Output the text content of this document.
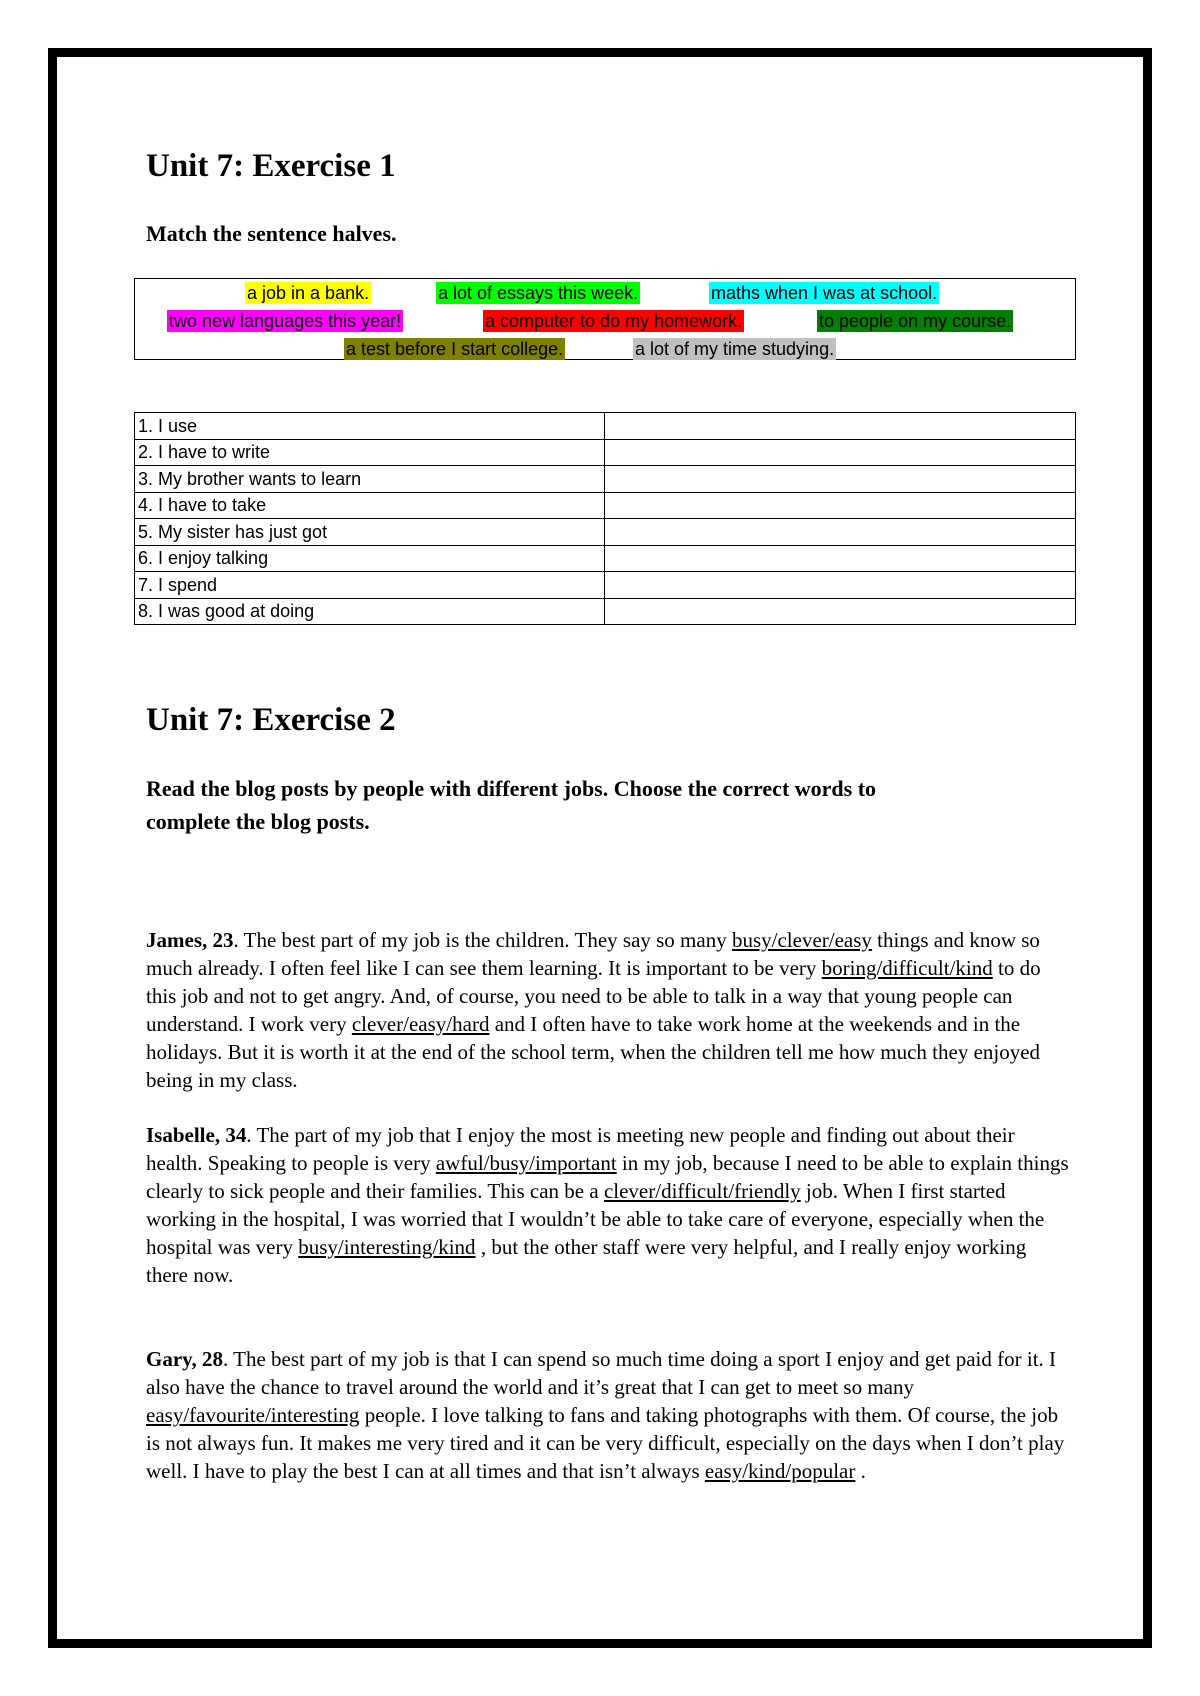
Unit 7: Exercise 1

Match the sentence halves.

a job in a bank.	a lot of essays this week.	maths when I was at school.
two new languages this year!	a computer to do my homework.	to people on my course.
a test before I start college.	a lot of my time studying.
1. I use	
2. I have to write	
3. My brother wants to learn	
4. I have to take	
5. My sister has just got	
6. I enjoy talking	
7. I spend	
8. I was good at doing	
Unit 7: Exercise 2

Read the blog posts by people with different jobs. Choose the correct words to
complete the blog posts.

James, 23. The best part of my job is the children. They say so many busy/clever/easy things and know so much already. I often feel like I can see them learning. It is important to be very boring/difficult/kind to do this job and not to get angry. And, of course, you need to be able to talk in a way that young people can understand. I work very clever/easy/hard and I often have to take work home at the weekends and in the holidays. But it is worth it at the end of the school term, when the children tell me how much they enjoyed being in my class.

Isabelle, 34. The part of my job that I enjoy the most is meeting new people and finding out about their health. Speaking to people is very awful/busy/important in my job, because I need to be able to explain things clearly to sick people and their families. This can be a clever/difficult/friendly job. When I first started working in the hospital, I was worried that I wouldn’t be able to take care of everyone, especially when the hospital was very busy/interesting/kind , but the other staff were very helpful, and I really enjoy working there now.

Gary, 28. The best part of my job is that I can spend so much time doing a sport I enjoy and get paid for it. I also have the chance to travel around the world and it’s great that I can get to meet so many easy/favourite/interesting people. I love talking to fans and taking photographs with them. Of course, the job is not always fun. It makes me very tired and it can be very difficult, especially on the days when I don’t play well. I have to play the best I can at all times and that isn’t always easy/kind/popular .
